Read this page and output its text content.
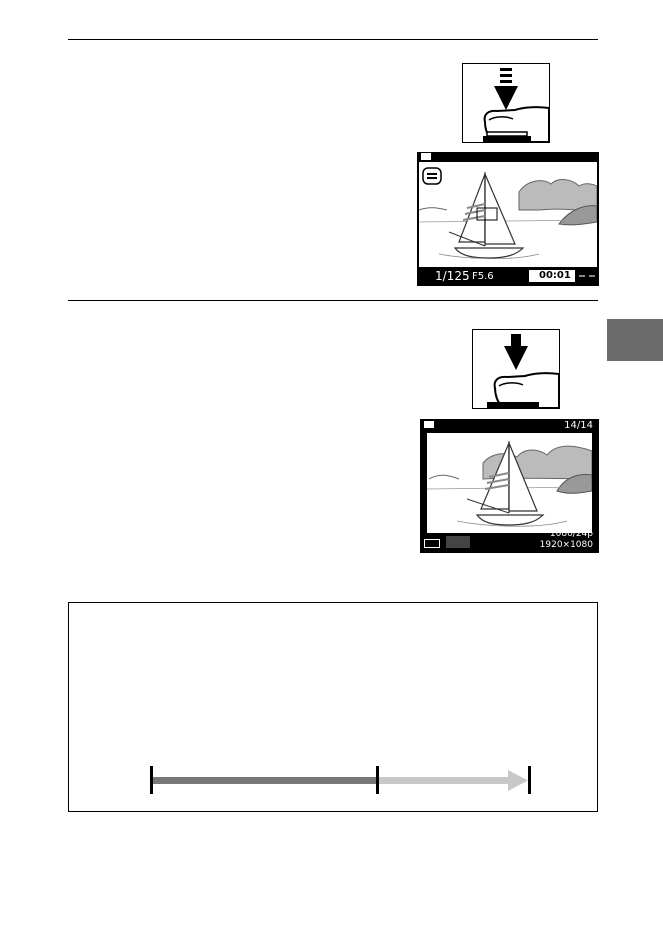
1/125 F5.6	00:01
14/14
1080/24p
1920×1080
